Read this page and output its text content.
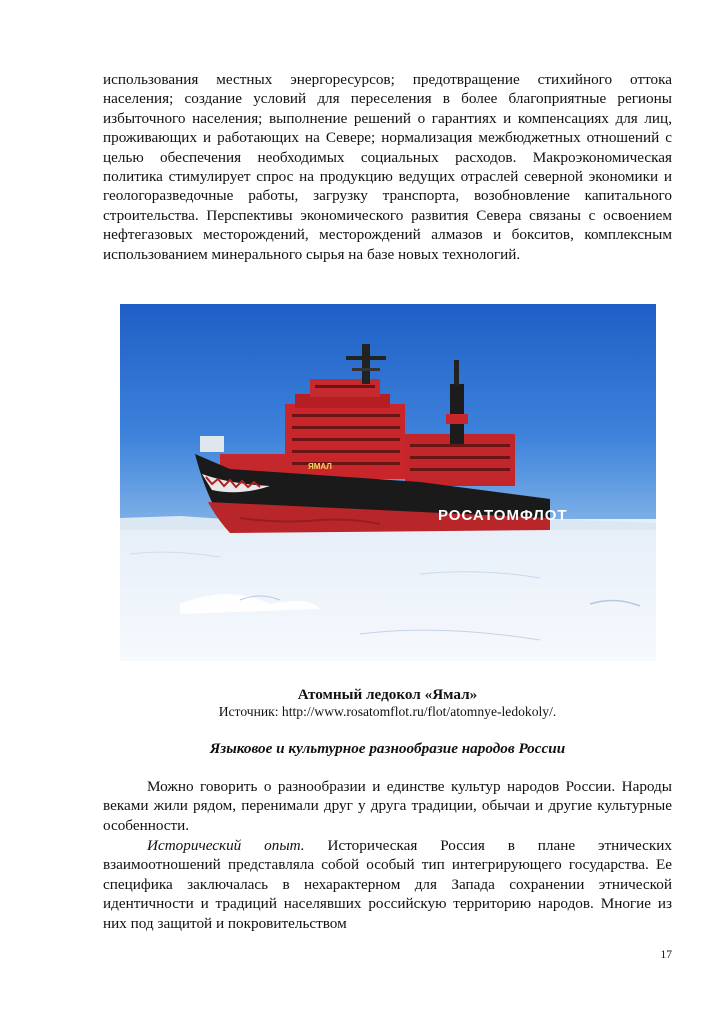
использования местных энергоресурсов; предотвращение стихийного оттока населения; создание условий для переселения в более благоприятные регионы избыточного населения; выполнение решений о гарантиях и компенсациях для лиц, проживающих и работающих на Севере; нормализация межбюджетных отношений с целью обеспечения необходимых социальных расходов. Макроэкономическая политика стимулирует спрос на продукцию ведущих отраслей северной экономики и геологоразведочные работы, загрузку транспорта, возобновление капитального строительства. Перспективы экономического развития Севера связаны с освоением нефтегазовых месторождений, месторождений алмазов и бокситов, комплексным использованием минерального сырья на базе новых технологий.

ЯМАЛ
РОСАТОМФЛОТ
Атомный ледокол «Ямал»
Источник: http://www.rosatomflot.ru/flot/atomnye-ledokoly/.
Языковое и культурное разнообразие народов России

Можно говорить о разнообразии и единстве культур народов России. Народы веками жили рядом, перенимали друг у друга традиции, обычаи и другие культурные особенности.

Исторический опыт. Историческая Россия в плане этнических взаимоотношений представляла собой особый тип интегрирующего государства. Ее специфика заключалась в нехарактерном для Запада сохранении этнической идентичности и традиций населявших российскую территорию народов. Многие из них под защитой и покровительством

17
